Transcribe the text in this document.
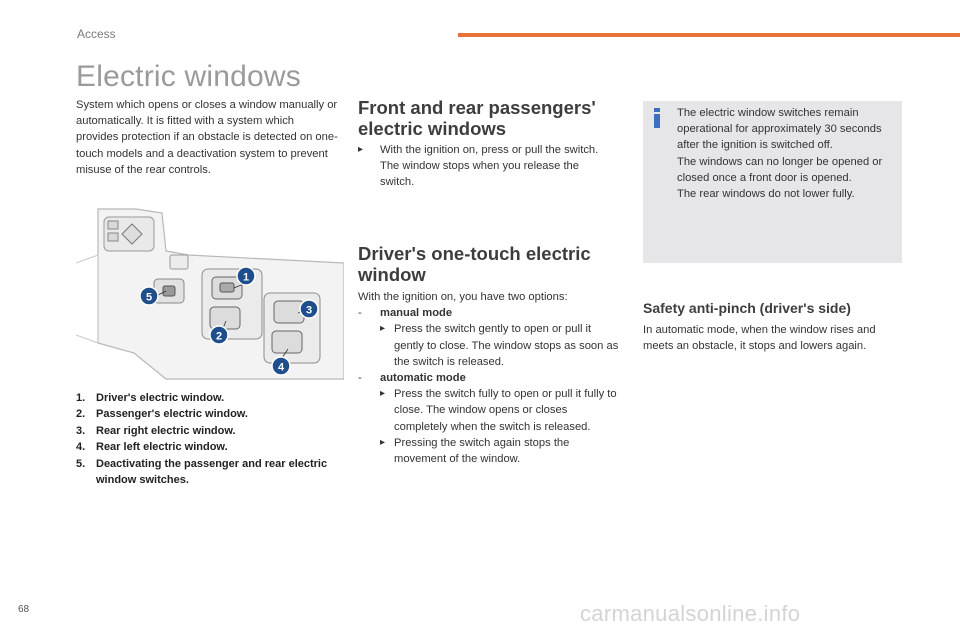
Access
Electric windows
System which opens or closes a window manually or automatically. It is fitted with a system which provides protection if an obstacle is detected on one-touch models and a deactivation system to prevent misuse of the rear controls.
1
2
3
4
5
1. Driver's electric window.
2. Passenger's electric window.
3. Rear right electric window.
4. Rear left electric window.
5. Deactivating the passenger and rear electric window switches.
Front and rear passengers' electric windows
▸	With the ignition on, press or pull the switch. The window stops when you release the switch.
Driver's one-touch electric window
With the ignition on, you have two options:
-	manual mode
▸ Press the switch gently to open or pull it gently to close. The window stops as soon as the switch is released.
-	automatic mode
▸ Press the switch fully to open or pull it fully to close. The window opens or closes completely when the switch is released.
▸ Pressing the switch again stops the movement of the window.
The electric window switches remain operational for approximately 30 seconds after the ignition is switched off.
The windows can no longer be opened or closed once a front door is opened.
The rear windows do not lower fully.
Safety anti-pinch (driver's side)
In automatic mode, when the window rises and meets an obstacle, it stops and lowers again.
68	carmanualsonline.info
